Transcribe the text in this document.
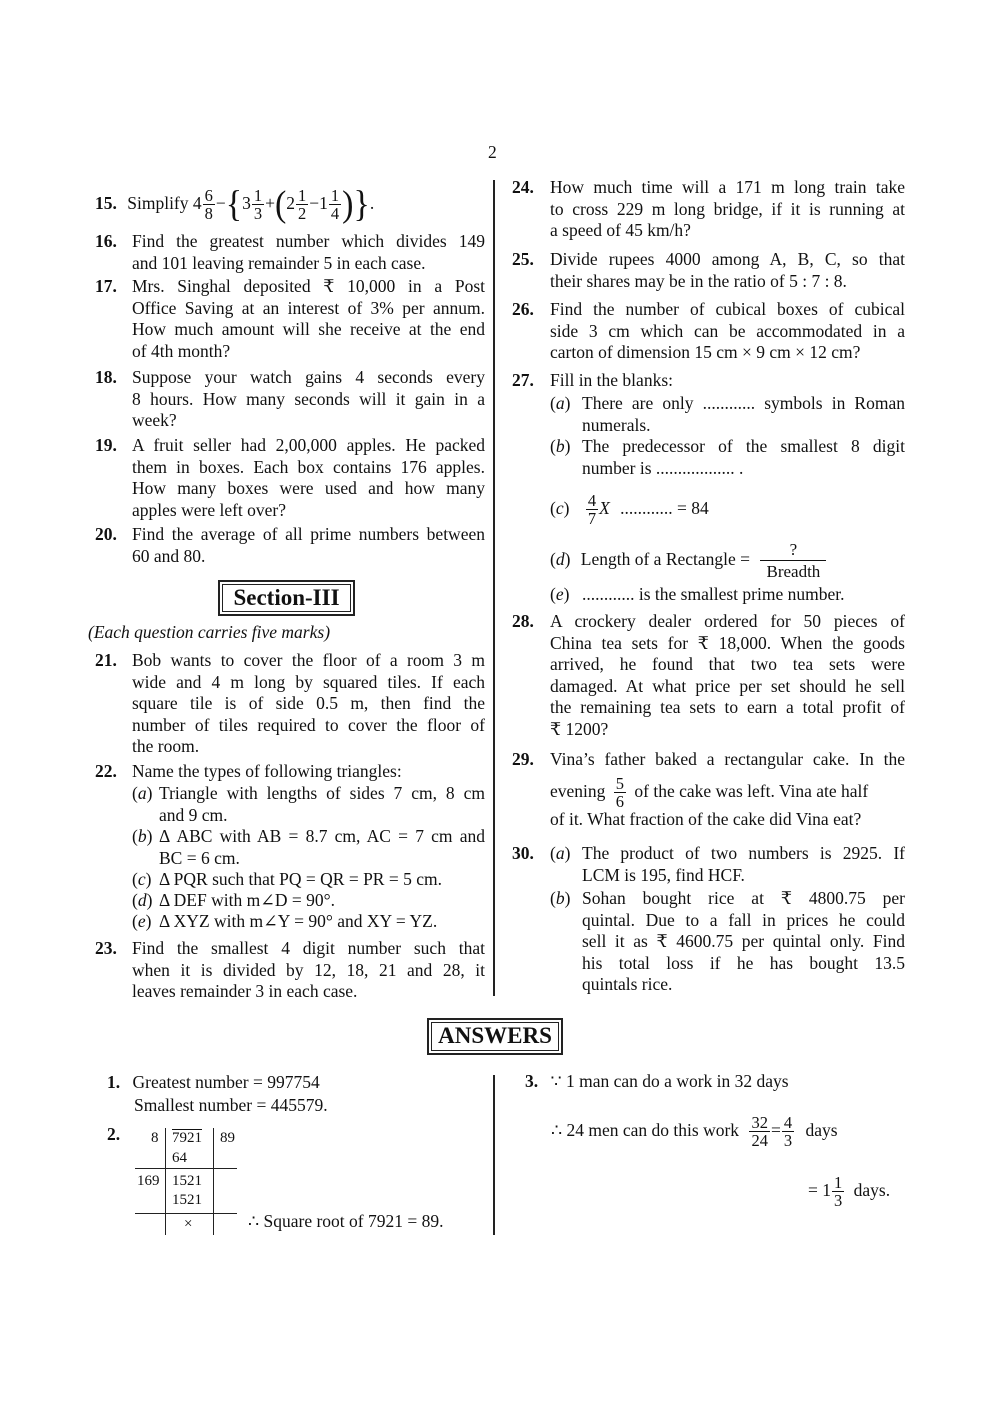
2
15. Simplify $4 \frac{6}{8} -\{3 \frac{1}{3} +(2 \frac{1}{2} -1 \frac{1}{4}$ )}.
16. Find the greatest number which divides 149
and 101 leaving remainder 5 in each case.
17. Mrs. Singhal deposited ₹ 10,000 in a Post
Office Saving at an interest of 3% per annum.
How much amount will she receive at the end
of 4th month?
18. Suppose your watch gains 4 seconds every
8 hours. How many seconds will it gain in a
week?
19. A fruit seller had 2,00,000 apples. He packed
them in boxes. Each box contains 176 apples.
How many boxes were used and how many
apples were left over?
20. Find the average of all prime numbers between
60 and 80.
Section-III
(Each question carries five marks)
21. Bob wants to cover the floor of a room 3 m
wide and 4 m long by squared tiles. If each
square tile is of side 0.5 m, then find the
number of tiles required to cover the floor of
the room.
22. Name the types of following triangles:
( a ) Triangle with lengths of sides 7 cm, 8 cm
and 9 cm.
( b ) Δ ABC with AB = 8.7 cm, AC = 7 cm and
BC = 6 cm.
( c ) Δ PQR such that PQ = QR = PR = 5 cm.
( d ) Δ DEF with m∠D = 90°.
( e ) Δ XYZ with m∠Y = 90° and XY = YZ.
23. Find the smallest 4 digit number such that
when it is divided by 12, 18, 21 and 28, it
leaves remainder 3 in each case.
24. How much time will a 171 m long train take
to cross 229 m long bridge, if it is running at
a speed of 45 km/h?
25. Divide rupees 4000 among A, B, C, so that
their shares may be in the ratio of 5 : 7 : 8.
26. Find the number of cubical boxes of cubical
side 3 cm which can be accommodated in a
carton of dimension 15 cm × 9 cm × 12 cm?
27. Fill in the blanks:
( a ) There are only ............ symbols in Roman
numerals.
( b ) The predecessor of the smallest 8 digit
number is .................. .
$(c) \frac{4}{7}$ X ............ = 84
(d) Length of a Rectangle = $\frac{?}{\text{Breadth}}$
( e )	............ is the smallest prime number.
28. A crockery dealer ordered for 50 pieces of
China tea sets for ₹ 18,000. When the goods
arrived, he found that two tea sets were
damaged. At what price per set should he sell
the remaining tea sets to earn a total profit of
₹ 1200?
29. Vina’s father baked a rectangular cake. In the
evening $\frac{5}{6}$ of the cake was left. Vina ate half
of it. What fraction of the cake did Vina eat?
30.	( a ) The product of two numbers is 2925. If
LCM is 195, find HCF.
( b ) Sohan bought rice at ₹ 4800.75 per
quintal. Due to a fall in prices he could
sell it as ₹ 4600.75 per quintal only. Find
his total loss if he has bought 13.5
quintals rice.
ANSWERS
1. Greatest number = 997754
Smallest number = 445579.
2. 8 7921 89
64
169 1521
1521
×	∴ Square root of 7921 = 89.
3. ∵ 1 man can do a work in 32 days
∴ 24 men can do this work $\frac{32}{24} = \frac{4}{3}$ days
= $1 \frac{1}{3}$ days.
